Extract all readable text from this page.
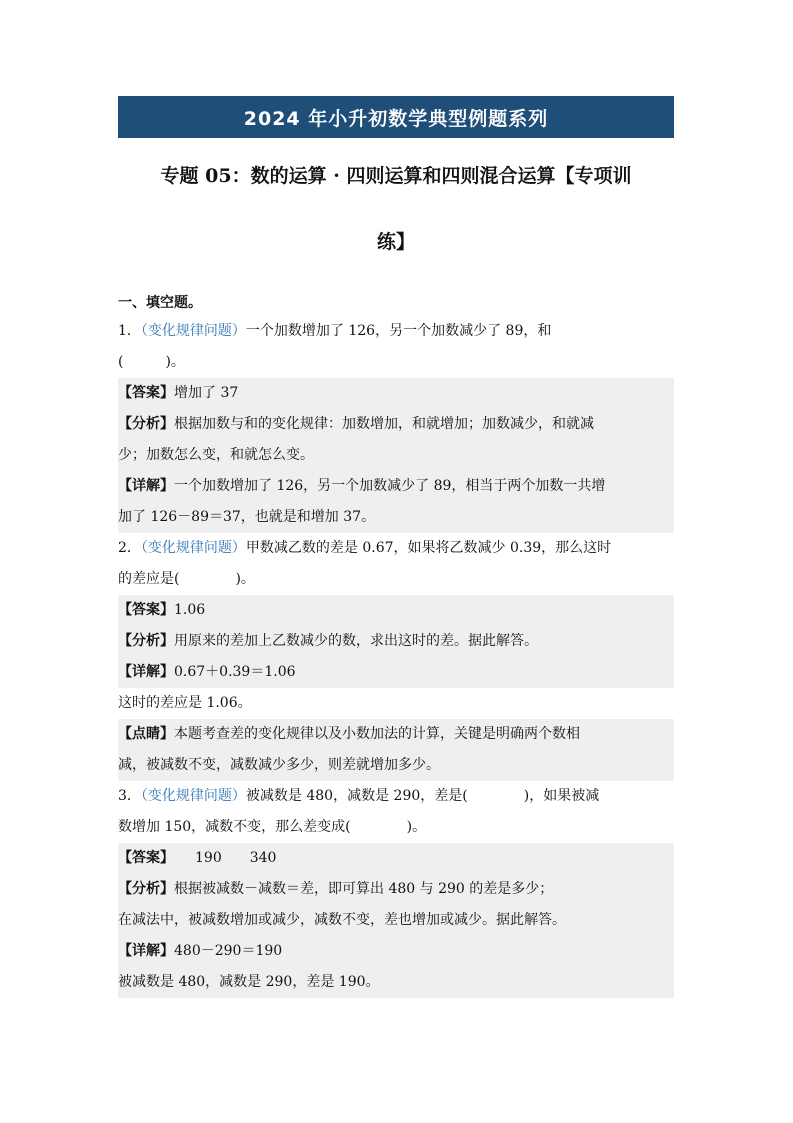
2024 年小升初数学典型例题系列
专题 05：数的运算 · 四则运算和四则混合运算【专项训
练】
一、填空题。
1．（变化规律问题）一个加数增加了 126，另一个加数减少了 89，和
(　　　)。
【答案】增加了 37
【分析】根据加数与和的变化规律：加数增加，和就增加；加数减少，和就减
少；加数怎么变，和就怎么变。
【详解】一个加数增加了 126，另一个加数减少了 89，相当于两个加数一共增
加了 126－89＝37，也就是和增加 37。
2．（变化规律问题）甲数减乙数的差是 0.67，如果将乙数减少 0.39，那么这时
的差应是(　　　　)。
【答案】1.06
【分析】用原来的差加上乙数减少的数，求出这时的差。据此解答。
【详解】0.67＋0.39＝1.06
这时的差应是 1.06。
【点睛】本题考查差的变化规律以及小数加法的计算，关键是明确两个数相
减，被减数不变，减数减少多少，则差就增加多少。
3．（变化规律问题）被减数是 480，减数是 290，差是(　　　　)，如果被减
数增加 150，减数不变，那么差变成(　　　　)。
【答案】　　190　　340
【分析】根据被减数－减数＝差，即可算出 480 与 290 的差是多少；
在减法中，被减数增加或减少，减数不变，差也增加或减少。据此解答。
【详解】480－290＝190
被减数是 480，减数是 290，差是 190。
